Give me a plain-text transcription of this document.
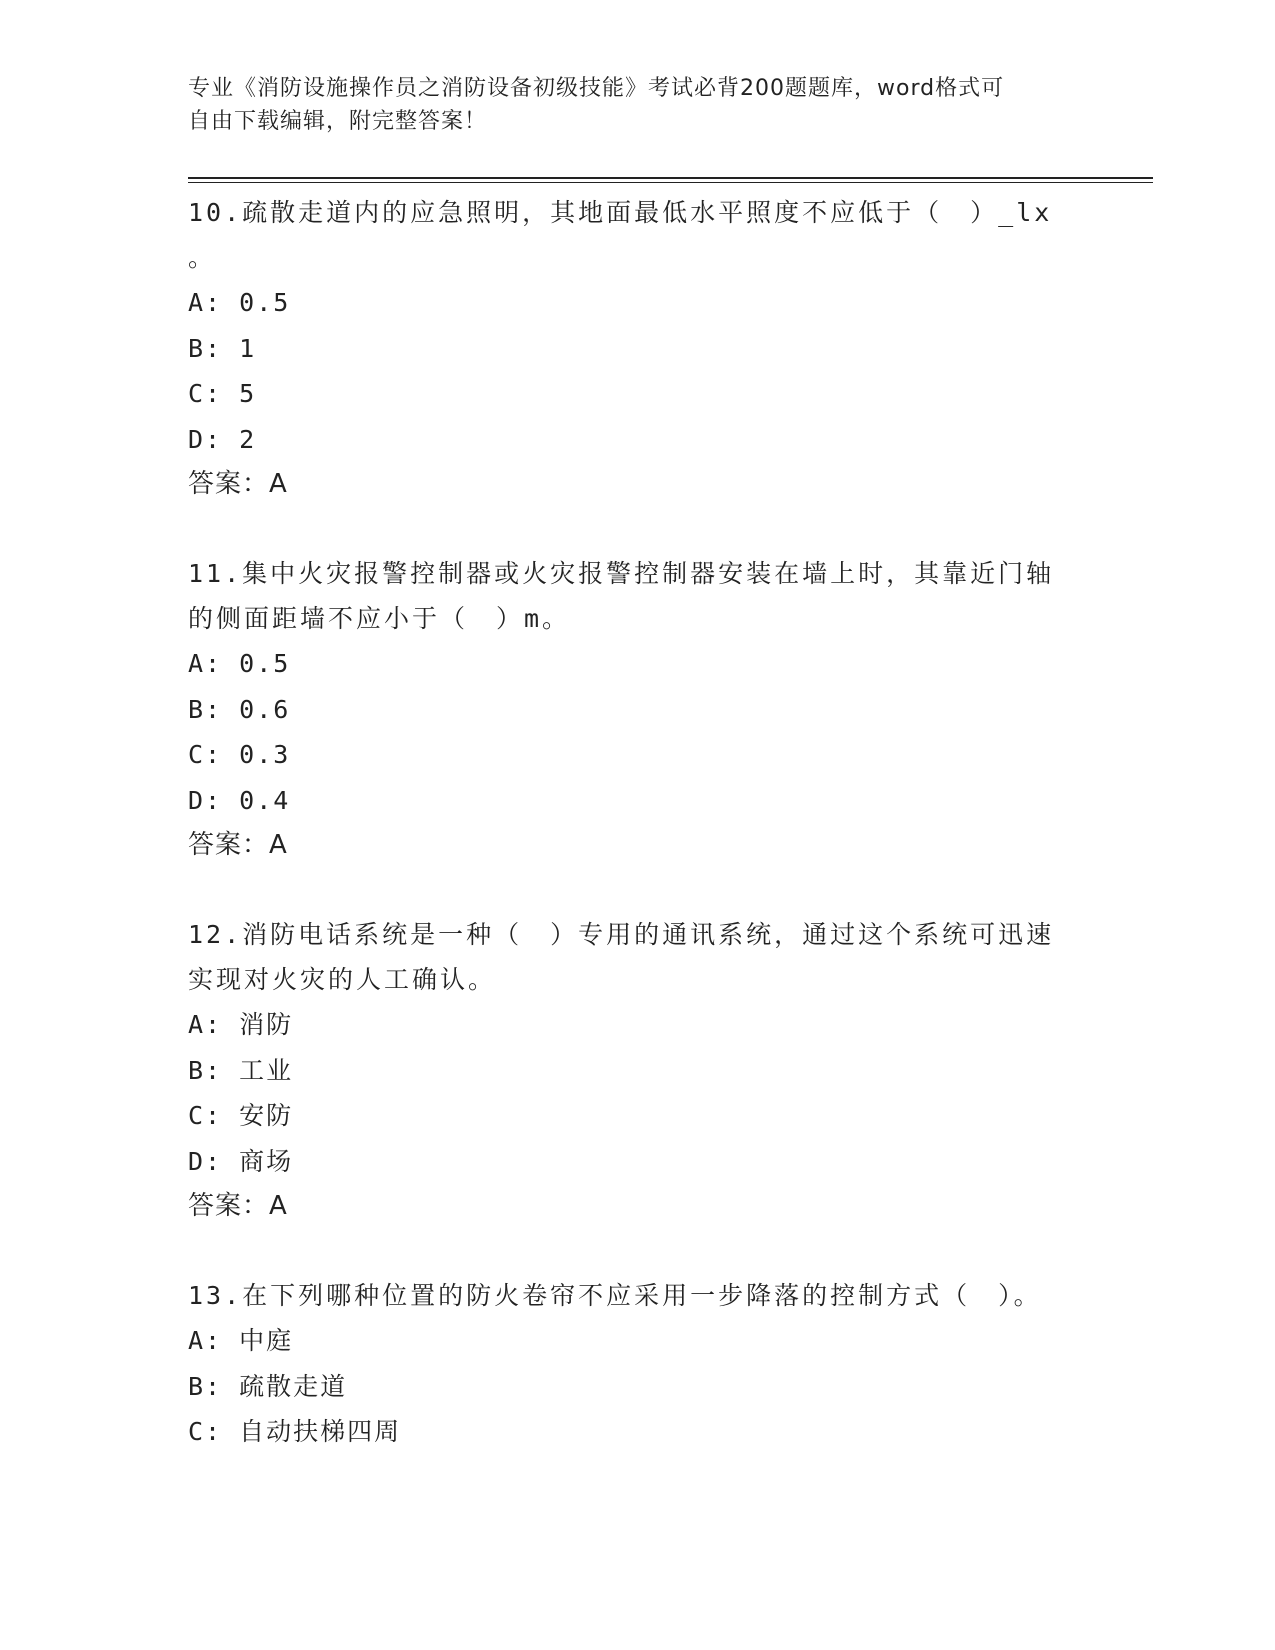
专业《消防设施操作员之消防设备初级技能》考试必背200题题库，word格式可
自由下载编辑，附完整答案！
10.疏散走道内的应急照明，其地面最低水平照度不应低于（　）_lx
。
A: 0.5
B: 1
C: 5
D: 2
答案：A
11.集中火灾报警控制器或火灾报警控制器安装在墙上时，其靠近门轴
的侧面距墙不应小于（　）m。
A: 0.5
B: 0.6
C: 0.3
D: 0.4
答案：A
12.消防电话系统是一种（　）专用的通讯系统，通过这个系统可迅速
实现对火灾的人工确认。
A: 消防
B: 工业
C: 安防
D: 商场
答案：A
13.在下列哪种位置的防火卷帘不应采用一步降落的控制方式（　）。
A: 中庭
B: 疏散走道
C: 自动扶梯四周
